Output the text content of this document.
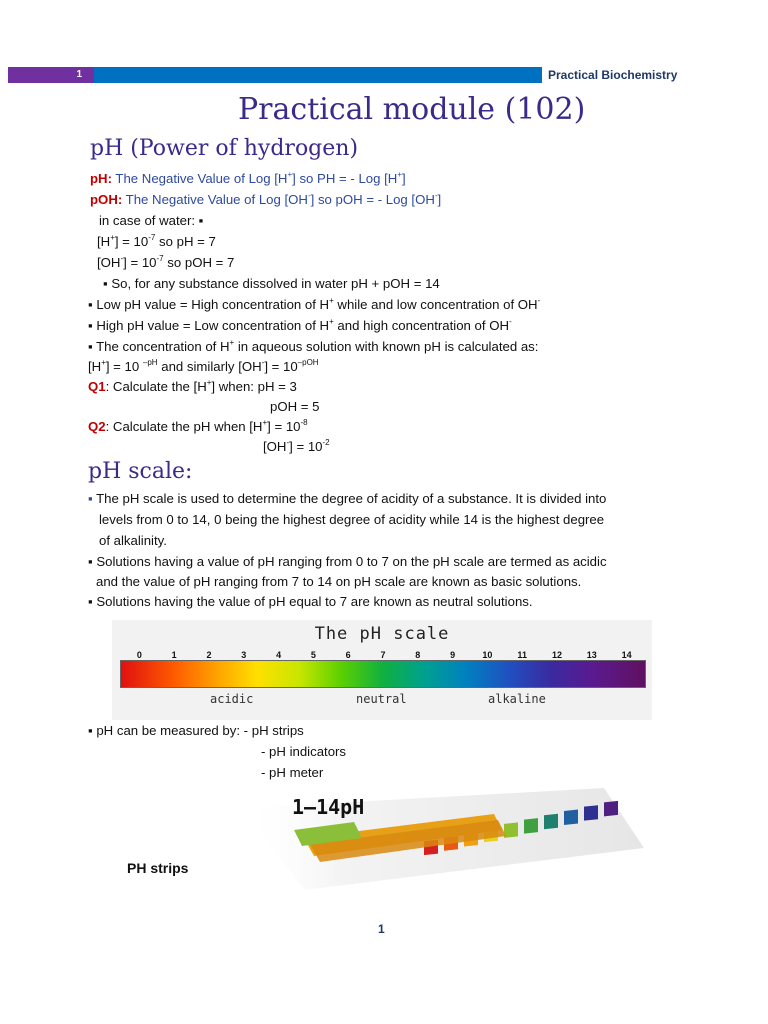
1	Practical Biochemistry
Practical module (102)
pH (Power of hydrogen)
pH: The Negative Value of Log [H+] so PH = - Log [H+]
pOH: The Negative Value of Log [OH-] so pOH = - Log [OH-]
in case of water: ▪
$[H^+] = 10^{-7}$ so pH = 7
$[OH^-] = 10^{-7}$ so pOH = 7
▪ So, for any substance dissolved in water pH + pOH = 14
▪ Low pH value = High concentration of H+ while and low concentration of OH-
▪ High pH value = Low concentration of H+ and high concentration of OH-
▪ The concentration of H+ in aqueous solution with known pH is calculated as:
[H+] = 10 $^{-pH}$ and similarly $[OH^-] = 10^{-pOH}$
Q1: Calculate the [H+] when: pH = 3
pOH = 5
Q2: Calculate the pH when $[H^+] = 10^{-8}$
$[OH^-] = 10^{-2}$
pH scale:
▪ The pH scale is used to determine the degree of acidity of a substance. It is divided into
levels from 0 to 14, 0 being the highest degree of acidity while 14 is the highest degree
of alkalinity.
▪ Solutions having a value of pH ranging from 0 to 7 on the pH scale are termed as acidic
and the value of pH ranging from 7 to 14 on pH scale are known as basic solutions.
▪ Solutions having the value of pH equal to 7 are known as neutral solutions.
The pH scale
0	1	2	3	4	5	6	7	8	9	10	11	12	13	14
acidic	neutral	alkaline
▪ pH can be measured by: - pH strips
- pH indicators
- pH meter
1–14pH
PH strips
1
